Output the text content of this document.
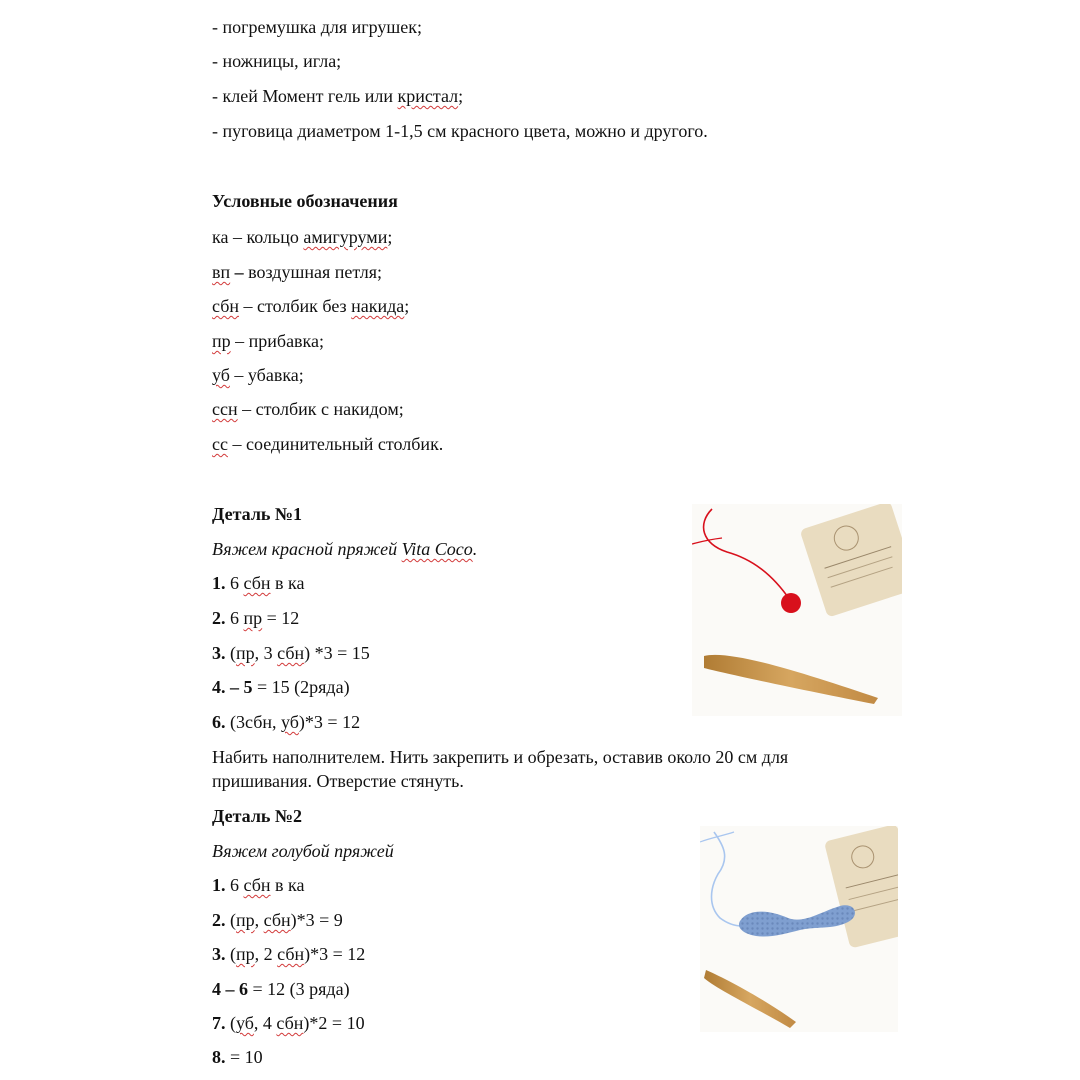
- погремушка для игрушек;
- ножницы, игла;
- клей Момент гель или кристал;
- пуговица диаметром 1-1,5 см красного цвета, можно и другого.
Условные обозначения
ка – кольцо амигуруми;
вп – воздушная петля;
сбн – столбик без накида;
пр – прибавка;
уб – убавка;
ссн – столбик с накидом;
сс – соединительный столбик.
Деталь №1
Вяжем красной пряжей Vita Coco.
1. 6 сбн в ка
2. 6 пр = 12
3. (пр, 3 сбн) *3 = 15
4. – 5 = 15 (2ряда)
6. (3сбн, уб)*3 = 12
Набить наполнителем. Нить закрепить и обрезать, оставив около 20 см для пришивания. Отверстие стянуть.
Деталь №2
Вяжем голубой пряжей
1. 6 сбн в ка
2. (пр, сбн)*3 = 9
3. (пр, 2 сбн)*3 = 12
4 – 6 = 12 (3 ряда)
7. (уб, 4 сбн)*2 = 10
8. = 10
